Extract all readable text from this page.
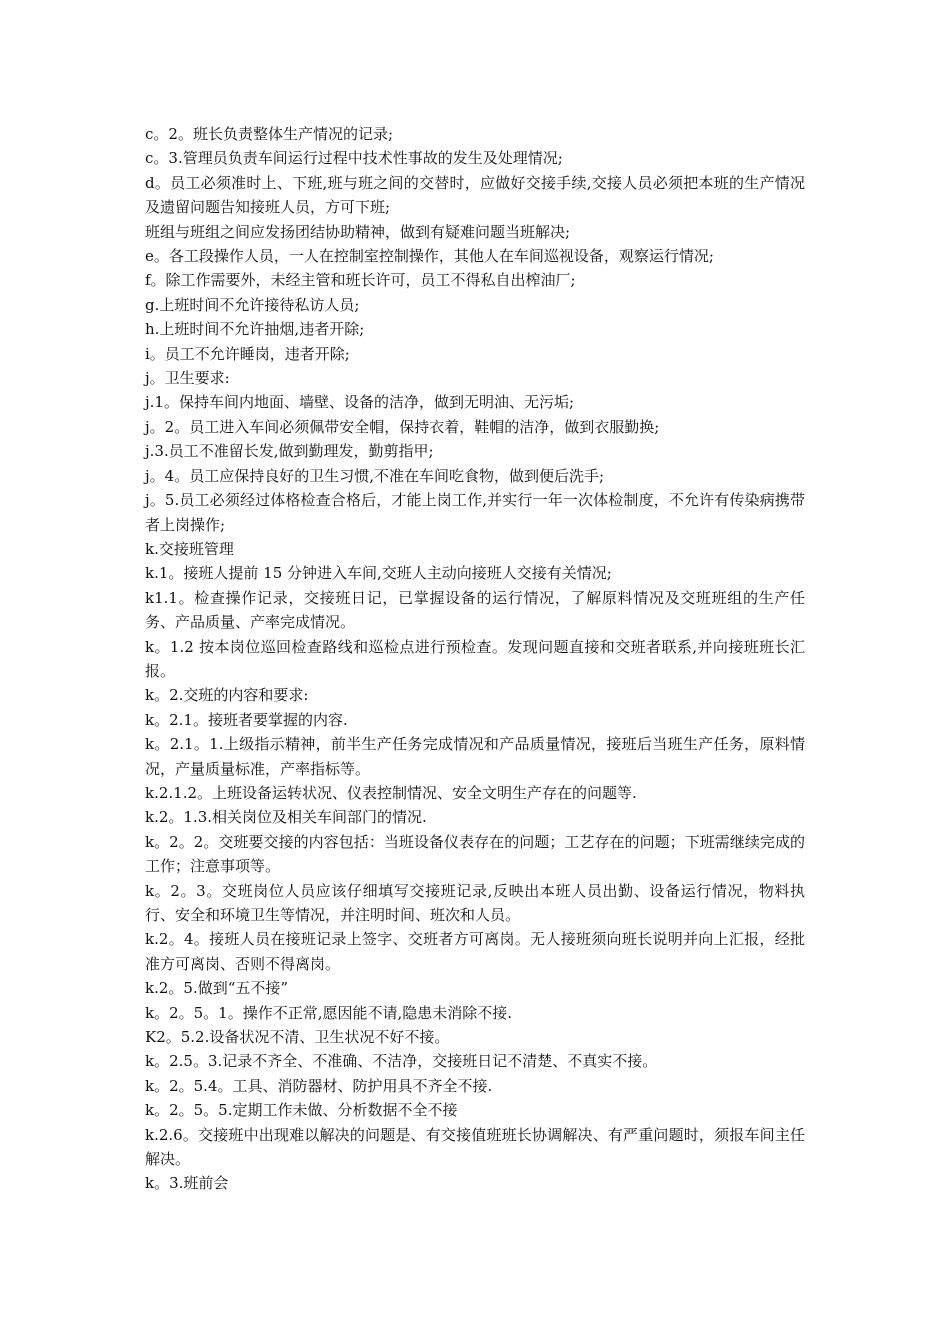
c。2。班长负责整体生产情况的记录;

c。3.管理员负责车间运行过程中技术性事故的发生及处理情况;

d。员工必须准时上、下班,班与班之间的交替时，应做好交接手续,交接人员必须把本班的生产情况及遗留问题告知接班人员，方可下班;

班组与班组之间应发扬团结协助精神，做到有疑难问题当班解决;

e。各工段操作人员，一人在控制室控制操作，其他人在车间巡视设备，观察运行情况;

f。除工作需要外，未经主管和班长许可，员工不得私自出榨油厂;

g.上班时间不允许接待私访人员;

h.上班时间不允许抽烟,违者开除;

i。员工不允许睡岗，违者开除;

j。卫生要求:

j.1。保持车间内地面、墙壁、设备的洁净，做到无明油、无污垢;

j。2。员工进入车间必须佩带安全帽，保持衣着，鞋帽的洁净，做到衣服勤换;

j.3.员工不准留长发,做到勤理发，勤剪指甲;

j。4。员工应保持良好的卫生习惯,不准在车间吃食物，做到便后洗手;

j。5.员工必须经过体格检查合格后，才能上岗工作,并实行一年一次体检制度，不允许有传染病携带者上岗操作;

k.交接班管理

k.1。接班人提前 15 分钟进入车间,交班人主动向接班人交接有关情况;

k1.1。检查操作记录，交接班日记，已掌握设备的运行情况，了解原料情况及交班班组的生产任务、产品质量、产率完成情况。

k。1.2 按本岗位巡回检查路线和巡检点进行预检查。发现问题直接和交班者联系,并向接班班长汇报。

k。2.交班的内容和要求:

k。2.1。接班者要掌握的内容.

k。2.1。1.上级指示精神，前半生产任务完成情况和产品质量情况，接班后当班生产任务，原料情况，产量质量标准，产率指标等。

k.2.1.2。上班设备运转状况、仪表控制情况、安全文明生产存在的问题等.

k.2。1.3.相关岗位及相关车间部门的情况.

k。2。2。交班要交接的内容包括：当班设备仪表存在的问题；工艺存在的问题；下班需继续完成的工作；注意事项等。

k。2。3。交班岗位人员应该仔细填写交接班记录,反映出本班人员出勤、设备运行情况，物料执行、安全和环境卫生等情况，并注明时间、班次和人员。

k.2。4。接班人员在接班记录上签字、交班者方可离岗。无人接班须向班长说明并向上汇报，经批准方可离岗、否则不得离岗。

k.2。5.做到“五不接”

k。2。5。1。操作不正常,愿因能不请,隐患未消除不接.

K2。5.2.设备状况不清、卫生状况不好不接。

k。2.5。3.记录不齐全、不准确、不洁净，交接班日记不清楚、不真实不接。

k。2。5.4。工具、消防器材、防护用具不齐全不接.

k。2。5。5.定期工作未做、分析数据不全不接

k.2.6。交接班中出现难以解决的问题是、有交接值班班长协调解决、有严重问题时，须报车间主任解决。

k。3.班前会
